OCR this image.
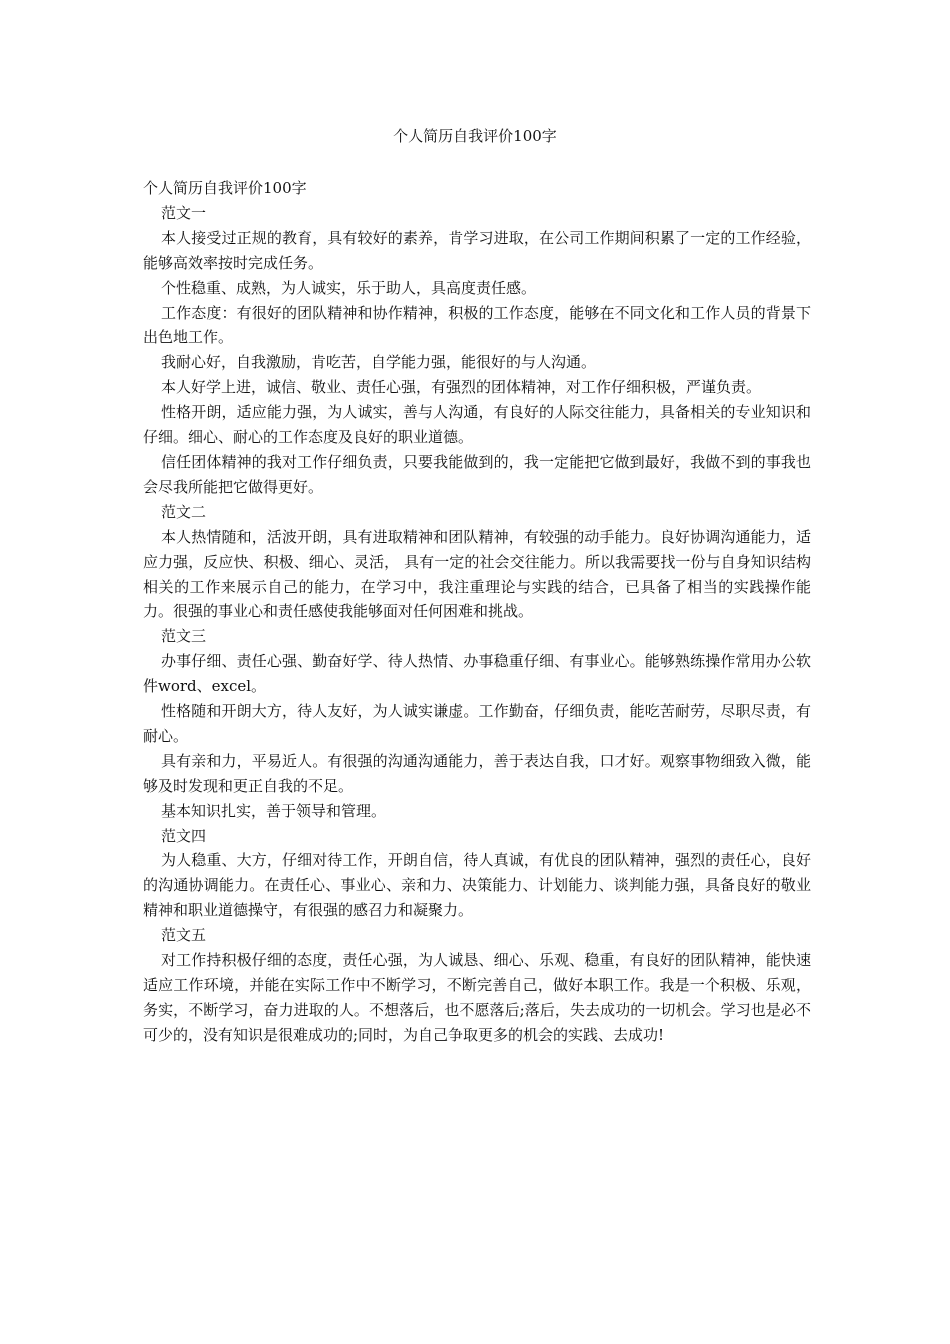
个人简历自我评价100字

个人简历自我评价100字

范文一

本人接受过正规的教育，具有较好的素养，肯学习进取，在公司工作期间积累了一定的工作经验，能够高效率按时完成任务。

个性稳重、成熟，为人诚实，乐于助人，具高度责任感。

工作态度：有很好的团队精神和协作精神，积极的工作态度，能够在不同文化和工作人员的背景下出色地工作。

我耐心好，自我激励，肯吃苦，自学能力强，能很好的与人沟通。

本人好学上进，诚信、敬业、责任心强，有强烈的团体精神，对工作仔细积极，严谨负责。

性格开朗，适应能力强，为人诚实，善与人沟通，有良好的人际交往能力，具备相关的专业知识和仔细。细心、耐心的工作态度及良好的职业道德。

信任团体精神的我对工作仔细负责，只要我能做到的，我一定能把它做到最好，我做不到的事我也会尽我所能把它做得更好。

范文二

本人热情随和，活波开朗，具有进取精神和团队精神，有较强的动手能力。良好协调沟通能力，适应力强，反应快、积极、细心、灵活， 具有一定的社会交往能力。所以我需要找一份与自身知识结构相关的工作来展示自己的能力，在学习中，我注重理论与实践的结合，已具备了相当的实践操作能力。很强的事业心和责任感使我能够面对任何困难和挑战。

范文三

办事仔细、责任心强、勤奋好学、待人热情、办事稳重仔细、有事业心。能够熟练操作常用办公软件word、excel。

性格随和开朗大方，待人友好，为人诚实谦虚。工作勤奋，仔细负责，能吃苦耐劳，尽职尽责，有耐心。

具有亲和力，平易近人。有很强的沟通沟通能力，善于表达自我，口才好。观察事物细致入微，能够及时发现和更正自我的不足。

基本知识扎实，善于领导和管理。

范文四

为人稳重、大方，仔细对待工作，开朗自信，待人真诚，有优良的团队精神，强烈的责任心，良好的沟通协调能力。在责任心、事业心、亲和力、决策能力、计划能力、谈判能力强，具备良好的敬业精神和职业道德操守，有很强的感召力和凝聚力。

范文五

对工作持积极仔细的态度，责任心强，为人诚恳、细心、乐观、稳重，有良好的团队精神，能快速适应工作环境，并能在实际工作中不断学习，不断完善自己，做好本职工作。我是一个积极、乐观，务实，不断学习，奋力进取的人。不想落后，也不愿落后;落后，失去成功的一切机会。学习也是必不可少的，没有知识是很难成功的;同时，为自己争取更多的机会的实践、去成功!
